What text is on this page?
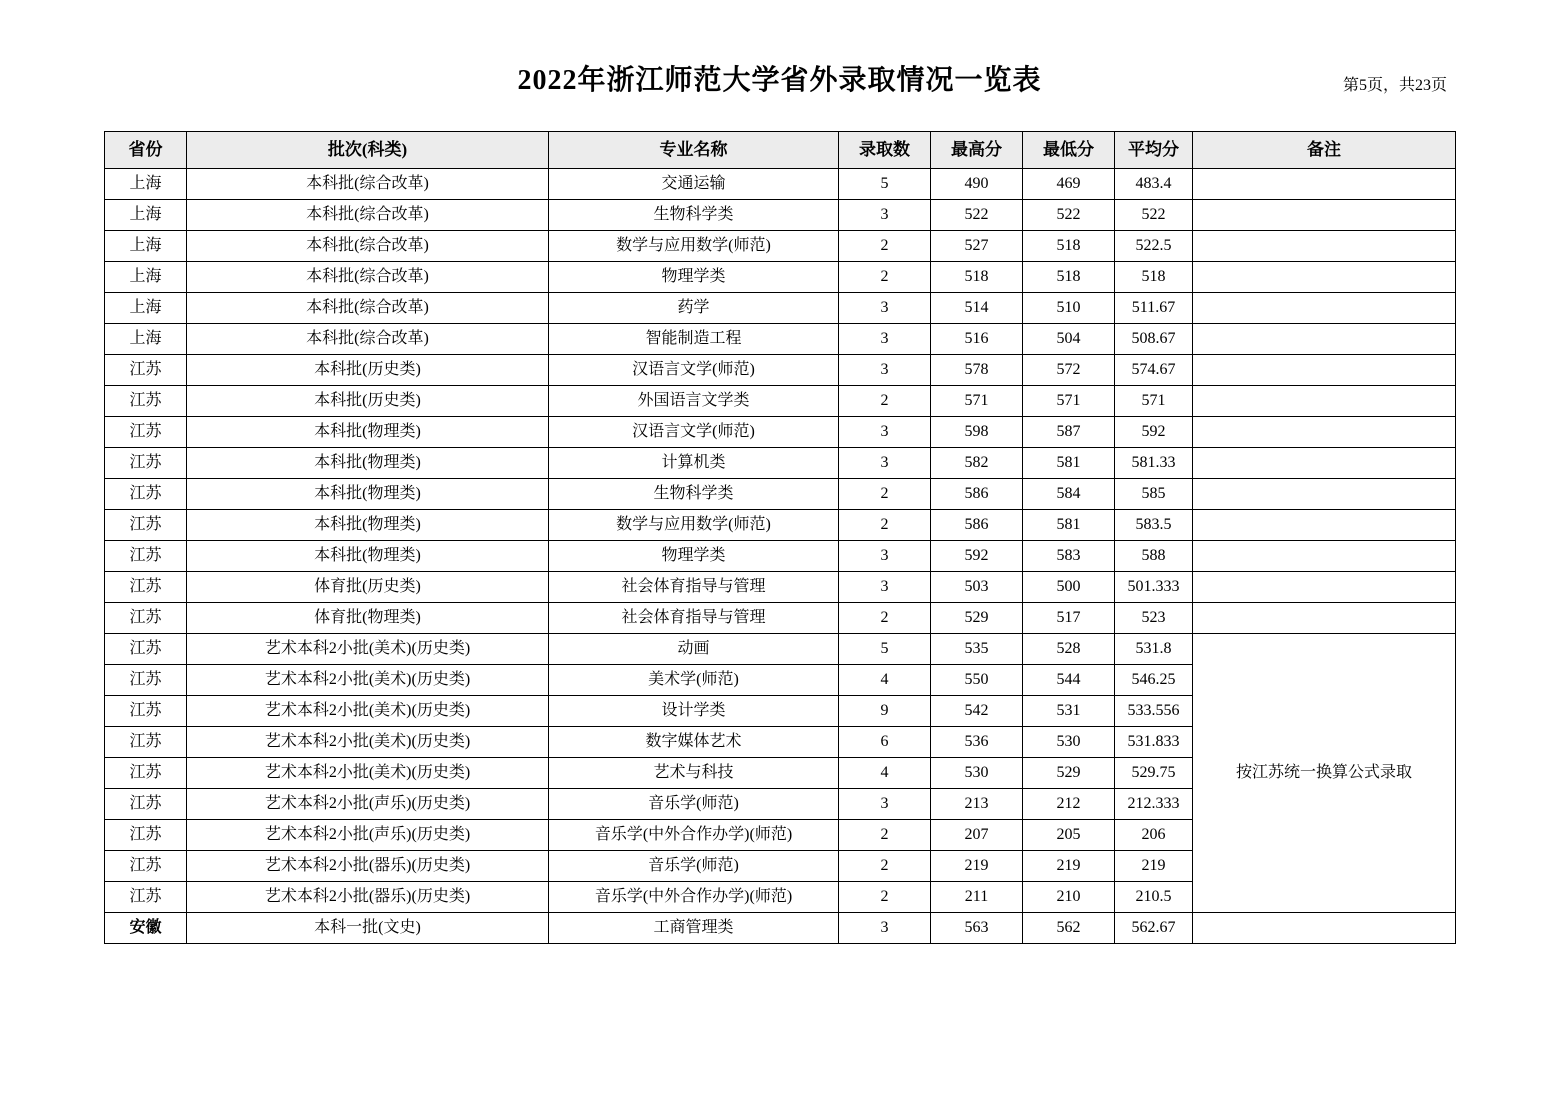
2022年浙江师范大学省外录取情况一览表	第5页，共23页
省份	批次(科类)	专业名称	录取数	最高分	最低分	平均分	备注
上海	本科批(综合改革)	交通运输	5	490	469	483.4	
上海	本科批(综合改革)	生物科学类	3	522	522	522	
上海	本科批(综合改革)	数学与应用数学(师范)	2	527	518	522.5	
上海	本科批(综合改革)	物理学类	2	518	518	518	
上海	本科批(综合改革)	药学	3	514	510	511.67	
上海	本科批(综合改革)	智能制造工程	3	516	504	508.67	
江苏	本科批(历史类)	汉语言文学(师范)	3	578	572	574.67	
江苏	本科批(历史类)	外国语言文学类	2	571	571	571	
江苏	本科批(物理类)	汉语言文学(师范)	3	598	587	592	
江苏	本科批(物理类)	计算机类	3	582	581	581.33	
江苏	本科批(物理类)	生物科学类	2	586	584	585	
江苏	本科批(物理类)	数学与应用数学(师范)	2	586	581	583.5	
江苏	本科批(物理类)	物理学类	3	592	583	588	
江苏	体育批(历史类)	社会体育指导与管理	3	503	500	501.333	
江苏	体育批(物理类)	社会体育指导与管理	2	529	517	523	
江苏	艺术本科2小批(美术)(历史类)	动画	5	535	528	531.8	按江苏统一换算公式录取
江苏	艺术本科2小批(美术)(历史类)	美术学(师范)	4	550	544	546.25	
江苏	艺术本科2小批(美术)(历史类)	设计学类	9	542	531	533.556	
江苏	艺术本科2小批(美术)(历史类)	数字媒体艺术	6	536	530	531.833	
江苏	艺术本科2小批(美术)(历史类)	艺术与科技	4	530	529	529.75	
江苏	艺术本科2小批(声乐)(历史类)	音乐学(师范)	3	213	212	212.333	
江苏	艺术本科2小批(声乐)(历史类)	音乐学(中外合作办学)(师范)	2	207	205	206	
江苏	艺术本科2小批(器乐)(历史类)	音乐学(师范)	2	219	219	219	
江苏	艺术本科2小批(器乐)(历史类)	音乐学(中外合作办学)(师范)	2	211	210	210.5	
安徽	本科一批(文史)	工商管理类	3	563	562	562.67	
